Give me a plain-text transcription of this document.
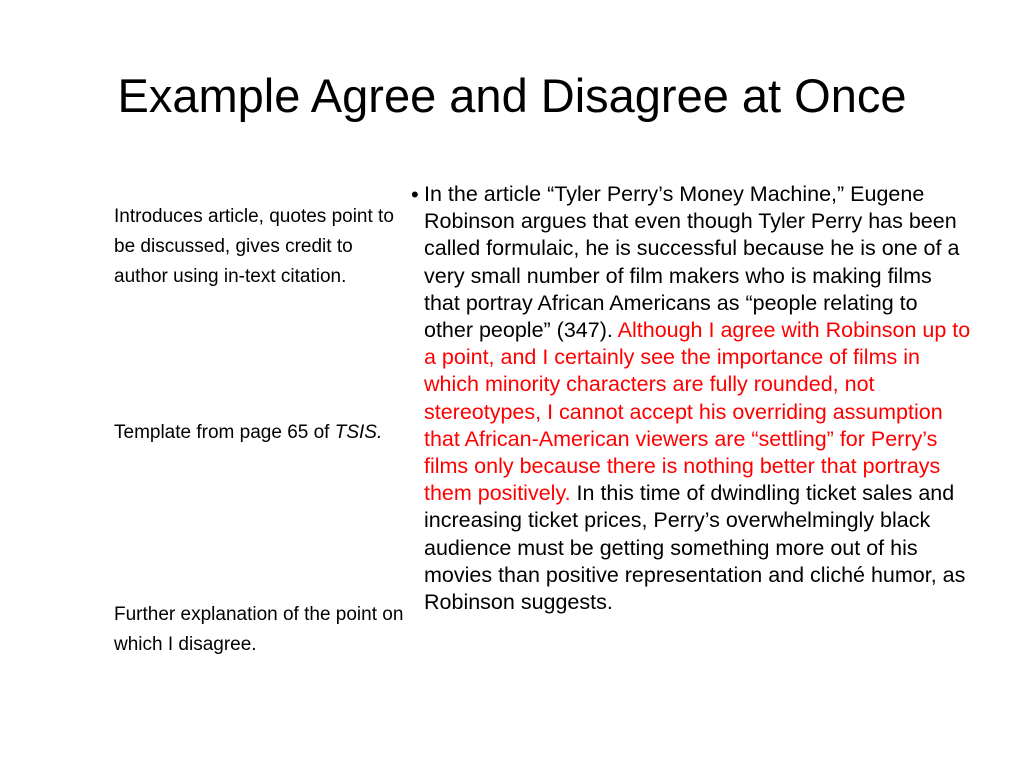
Example Agree and Disagree at Once
Introduces article, quotes point to be discussed, gives credit to author using in-text citation.
Template from page 65 of TSIS.
Further explanation of the point on which I disagree.
• In the article “Tyler Perry’s Money Machine,” Eugene Robinson argues that even though Tyler Perry has been called formulaic, he is successful because he is one of a very small number of film makers who is making films that portray African Americans as “people relating to other people” (347). Although I agree with Robinson up to a point, and I certainly see the importance of films in which minority characters are fully rounded, not stereotypes, I cannot accept his overriding assumption that African-American viewers are “settling” for Perry’s films only because there is nothing better that portrays them positively. In this time of dwindling ticket sales and increasing ticket prices, Perry’s overwhelmingly black audience must be getting something more out of his movies than positive representation and cliché humor, as Robinson suggests.
